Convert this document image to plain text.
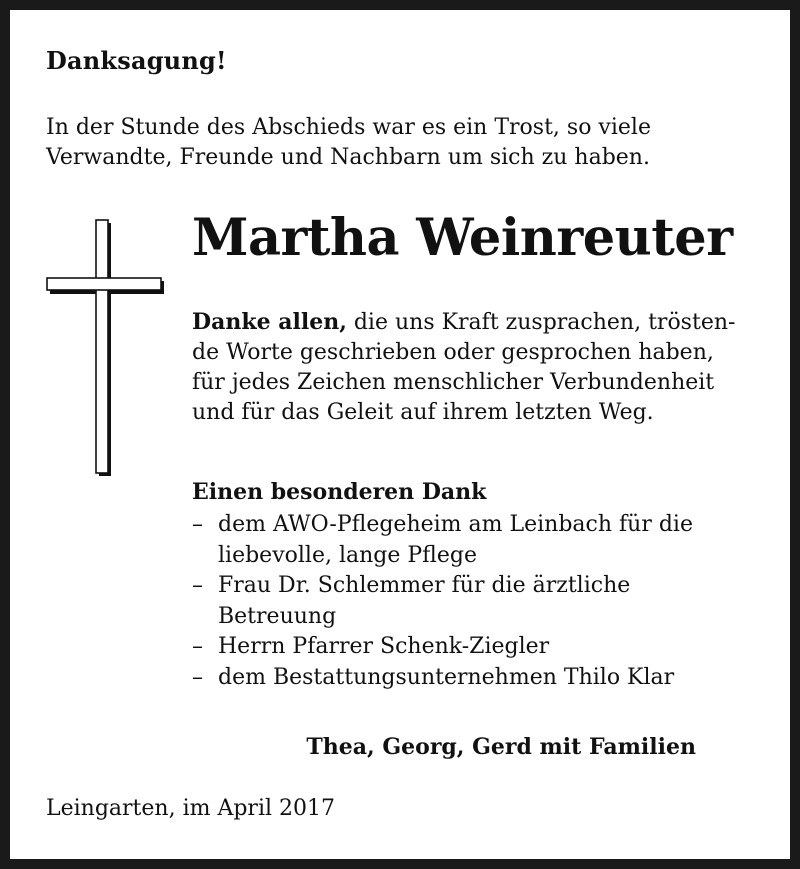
Danksagung!
In der Stunde des Abschieds war es ein Trost, so viele
Verwandte, Freunde und Nachbarn um sich zu haben.
Martha Weinreuter
Danke allen, die uns Kraft zusprachen, trösten-
de Worte geschrieben oder gesprochen haben,
für jedes Zeichen menschlicher Verbundenheit
und für das Geleit auf ihrem letzten Weg.
Einen besonderen Dank
– dem AWO-Pflegeheim am Leinbach für die
liebevolle, lange Pflege
– Frau Dr. Schlemmer für die ärztliche
Betreuung
– Herrn Pfarrer Schenk-Ziegler
– dem Bestattungsunternehmen Thilo Klar
Thea, Georg, Gerd mit Familien
Leingarten, im April 2017
